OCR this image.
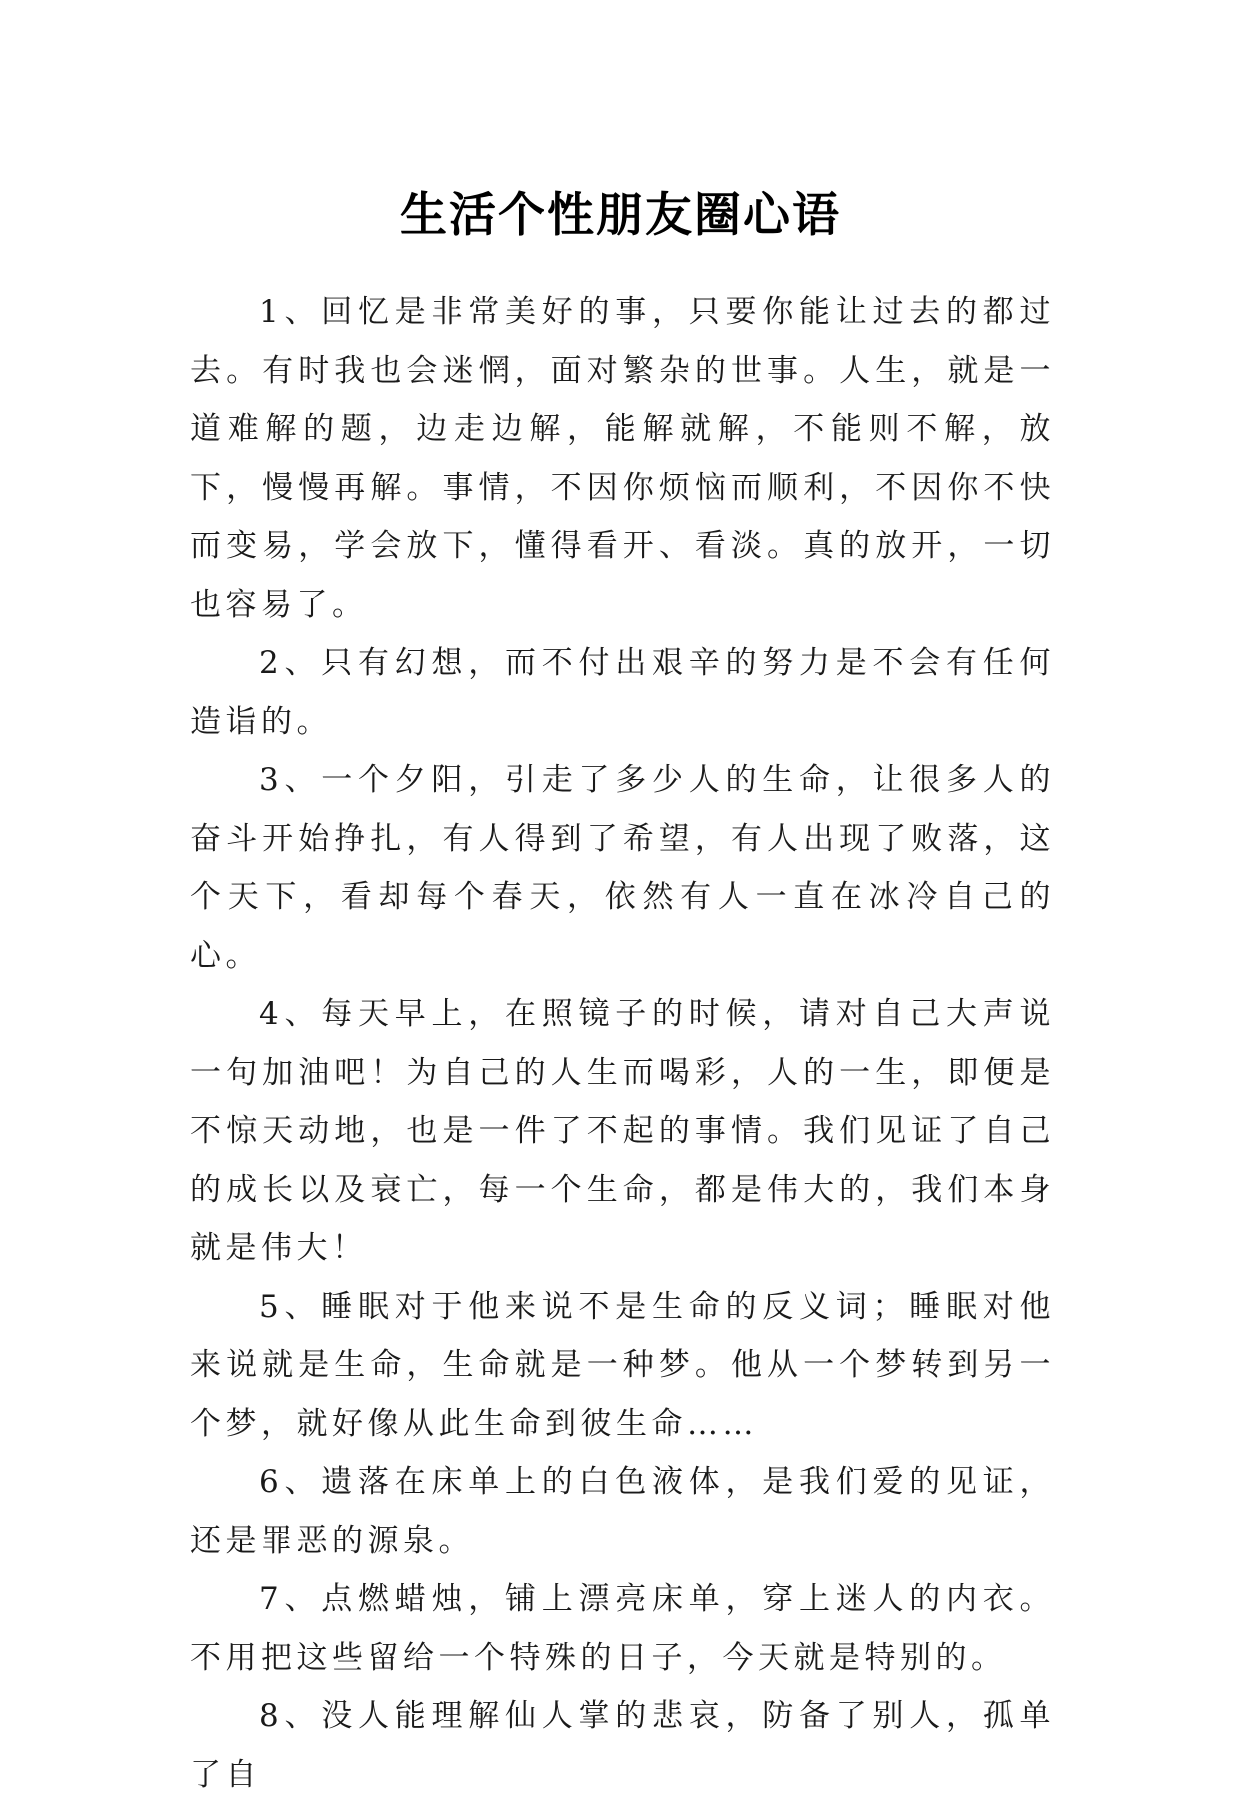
生活个性朋友圈心语

1、回忆是非常美好的事，只要你能让过去的都过去。有时我也会迷惘，面对繁杂的世事。人生，就是一道难解的题，边走边解，能解就解，不能则不解，放下，慢慢再解。事情，不因你烦恼而顺利，不因你不快而变易，学会放下，懂得看开、看淡。真的放开，一切也容易了。

2、只有幻想，而不付出艰辛的努力是不会有任何造诣的。

3、一个夕阳，引走了多少人的生命，让很多人的奋斗开始挣扎，有人得到了希望，有人出现了败落，这个天下，看却每个春天，依然有人一直在冰冷自己的心。

4、每天早上，在照镜子的时候，请对自己大声说一句加油吧！为自己的人生而喝彩，人的一生，即便是不惊天动地，也是一件了不起的事情。我们见证了自己的成长以及衰亡，每一个生命，都是伟大的，我们本身就是伟大！

5、睡眠对于他来说不是生命的反义词；睡眠对他来说就是生命，生命就是一种梦。他从一个梦转到另一个梦，就好像从此生命到彼生命……

6、遗落在床单上的白色液体，是我们爱的见证，还是罪恶的源泉。

7、点燃蜡烛，铺上漂亮床单，穿上迷人的内衣。不用把这些留给一个特殊的日子，今天就是特别的。

8、没人能理解仙人掌的悲哀，防备了别人，孤单了自
